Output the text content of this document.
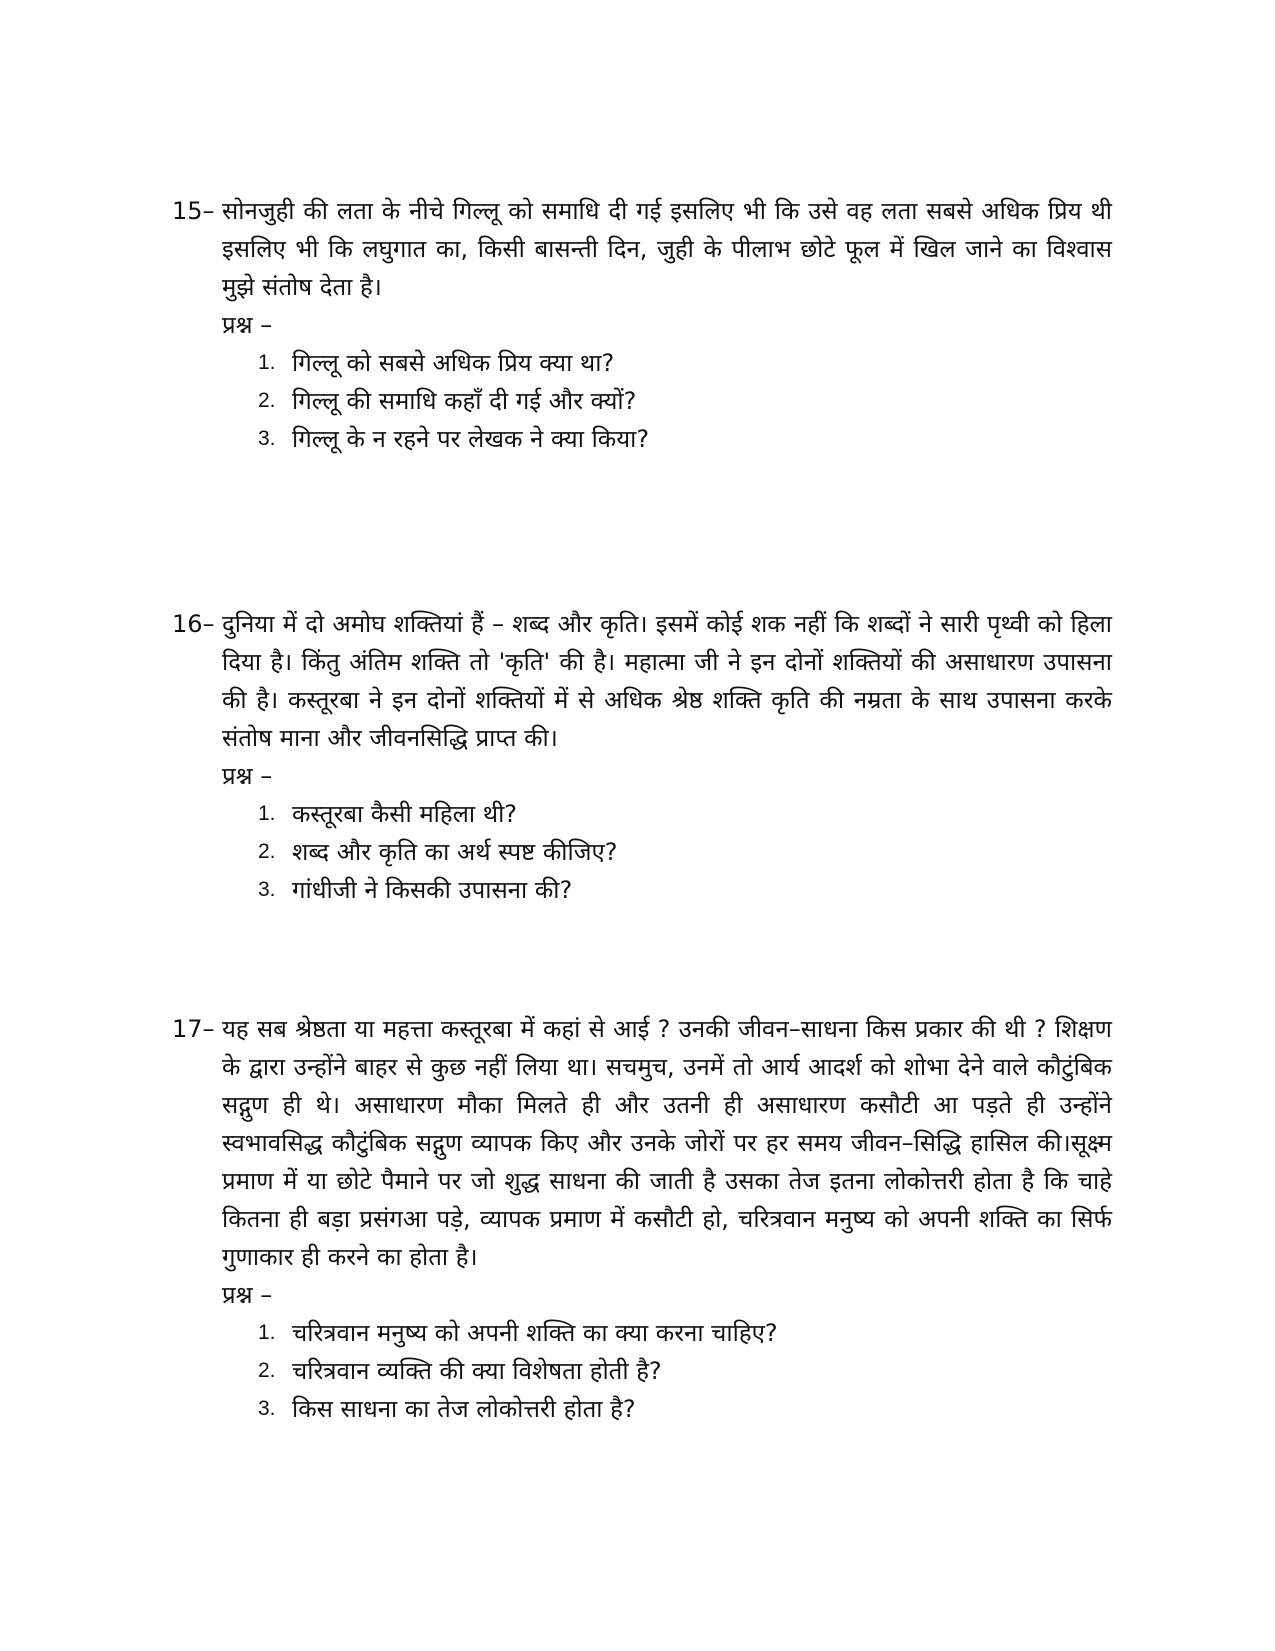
15– सोनजुही की लता के नीचे गिल्लू को समाधि दी गई इसलिए भी कि उसे वह लता सबसे अधिक प्रिय थी इसलिए भी कि लघुगात का, किसी बासन्ती दिन, जुही के पीलाभ छोटे फूल में खिल जाने का विश्वास मुझे संतोष देता है।

प्रश्न –

1. गिल्लू को सबसे अधिक प्रिय क्या था?
2. गिल्लू की समाधि कहाँ दी गई और क्यों?
3. गिल्लू के न रहने पर लेखक ने क्या किया?

16– दुनिया में दो अमोघ शक्तियां हैं – शब्द और कृति। इसमें कोई शक नहीं कि शब्दों ने सारी पृथ्वी को हिला दिया है। किंतु अंतिम शक्ति तो 'कृति' की है। महात्मा जी ने इन दोनों शक्तियों की असाधारण उपासना की है। कस्तूरबा ने इन दोनों शक्तियों में से अधिक श्रेष्ठ शक्ति कृति की नम्रता के साथ उपासना करके संतोष माना और जीवनसिद्धि प्राप्त की।

प्रश्न –

1. कस्तूरबा कैसी महिला थी?
2. शब्द और कृति का अर्थ स्पष्ट कीजिए?
3. गांधीजी ने किसकी उपासना की?

17– यह सब श्रेष्ठता या महत्ता कस्तूरबा में कहां से आई ? उनकी जीवन–साधना किस प्रकार की थी ? शिक्षण के द्वारा उन्होंने बाहर से कुछ नहीं लिया था। सचमुच, उनमें तो आर्य आदर्श को शोभा देने वाले कौटुंबिक सद्गुण ही थे। असाधारण मौका मिलते ही और उतनी ही असाधारण कसौटी आ पड़ते ही उन्होंने स्वभावसिद्ध कौटुंबिक सद्गुण व्यापक किए और उनके जोरों पर हर समय जीवन–सिद्धि हासिल की।सूक्ष्म प्रमाण में या छोटे पैमाने पर जो शुद्ध साधना की जाती है उसका तेज इतना लोकोत्तरी होता है कि चाहे कितना ही बड़ा प्रसंगआ पड़े, व्यापक प्रमाण में कसौटी हो, चरित्रवान मनुष्य को अपनी शक्ति का सिर्फ गुणाकार ही करने का होता है।

प्रश्न –

1. चरित्रवान मनुष्य को अपनी शक्ति का क्या करना चाहिए?
2. चरित्रवान व्यक्ति की क्या विशेषता होती है?
3. किस साधना का तेज लोकोत्तरी होता है?
